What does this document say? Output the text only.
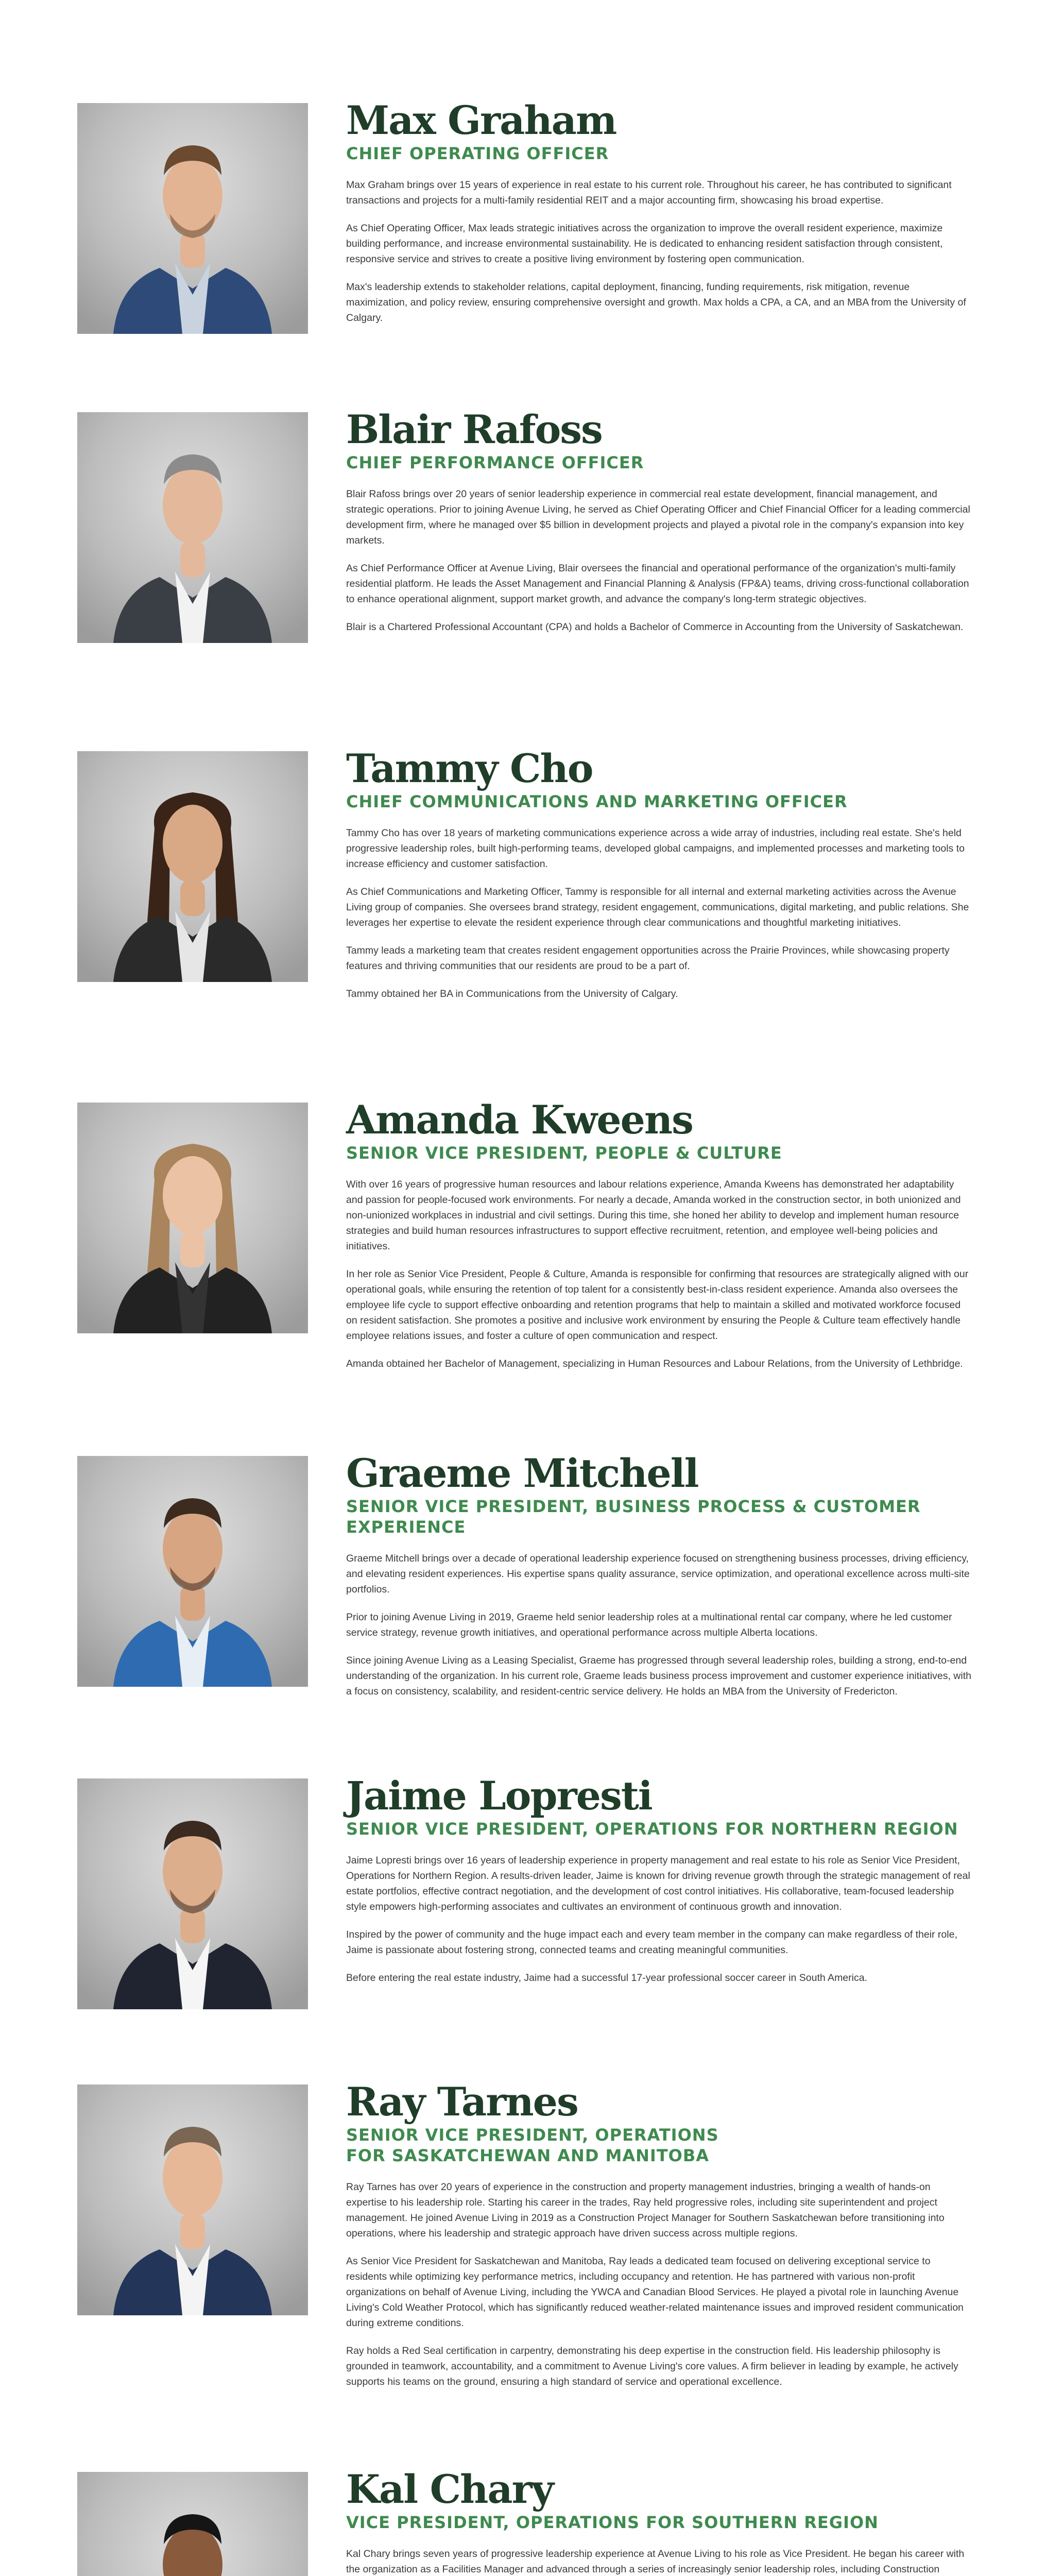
Max Graham
CHIEF OPERATING OFFICER

Max Graham brings over 15 years of experience in real estate to his current role. Throughout his career, he has contributed to significant transactions and projects for a multi-family residential REIT and a major accounting firm, showcasing his broad expertise.

As Chief Operating Officer, Max leads strategic initiatives across the organization to improve the overall resident experience, maximize building performance, and increase environmental sustainability. He is dedicated to enhancing resident satisfaction through consistent, responsive service and strives to create a positive living environment by fostering open communication.

Max's leadership extends to stakeholder relations, capital deployment, financing, funding requirements, risk mitigation, revenue maximization, and policy review, ensuring comprehensive oversight and growth. Max holds a CPA, a CA, and an MBA from the University of Calgary.

Blair Rafoss
CHIEF PERFORMANCE OFFICER

Blair Rafoss brings over 20 years of senior leadership experience in commercial real estate development, financial management, and strategic operations. Prior to joining Avenue Living, he served as Chief Operating Officer and Chief Financial Officer for a leading commercial development firm, where he managed over $5 billion in development projects and played a pivotal role in the company's expansion into key markets.

As Chief Performance Officer at Avenue Living, Blair oversees the financial and operational performance of the organization's multi-family residential platform. He leads the Asset Management and Financial Planning & Analysis (FP&A) teams, driving cross-functional collaboration to enhance operational alignment, support market growth, and advance the company's long-term strategic objectives.

Blair is a Chartered Professional Accountant (CPA) and holds a Bachelor of Commerce in Accounting from the University of Saskatchewan.

Tammy Cho
CHIEF COMMUNICATIONS AND MARKETING OFFICER

Tammy Cho has over 18 years of marketing communications experience across a wide array of industries, including real estate. She's held progressive leadership roles, built high-performing teams, developed global campaigns, and implemented processes and marketing tools to increase efficiency and customer satisfaction.

As Chief Communications and Marketing Officer, Tammy is responsible for all internal and external marketing activities across the Avenue Living group of companies. She oversees brand strategy, resident engagement, communications, digital marketing, and public relations. She leverages her expertise to elevate the resident experience through clear communications and thoughtful marketing initiatives.

Tammy leads a marketing team that creates resident engagement opportunities across the Prairie Provinces, while showcasing property features and thriving communities that our residents are proud to be a part of.

Tammy obtained her BA in Communications from the University of Calgary.

Amanda Kweens
SENIOR VICE PRESIDENT, PEOPLE & CULTURE

With over 16 years of progressive human resources and labour relations experience, Amanda Kweens has demonstrated her adaptability and passion for people-focused work environments. For nearly a decade, Amanda worked in the construction sector, in both unionized and non-unionized workplaces in industrial and civil settings. During this time, she honed her ability to develop and implement human resource strategies and build human resources infrastructures to support effective recruitment, retention, and employee well-being policies and initiatives.

In her role as Senior Vice President, People & Culture, Amanda is responsible for confirming that resources are strategically aligned with our operational goals, while ensuring the retention of top talent for a consistently best-in-class resident experience. Amanda also oversees the employee life cycle to support effective onboarding and retention programs that help to maintain a skilled and motivated workforce focused on resident satisfaction. She promotes a positive and inclusive work environment by ensuring the People & Culture team effectively handle employee relations issues, and foster a culture of open communication and respect.

Amanda obtained her Bachelor of Management, specializing in Human Resources and Labour Relations, from the University of Lethbridge.

Graeme Mitchell
SENIOR VICE PRESIDENT, BUSINESS PROCESS & CUSTOMER EXPERIENCE

Graeme Mitchell brings over a decade of operational leadership experience focused on strengthening business processes, driving efficiency, and elevating resident experiences. His expertise spans quality assurance, service optimization, and operational excellence across multi-site portfolios.

Prior to joining Avenue Living in 2019, Graeme held senior leadership roles at a multinational rental car company, where he led customer service strategy, revenue growth initiatives, and operational performance across multiple Alberta locations.

Since joining Avenue Living as a Leasing Specialist, Graeme has progressed through several leadership roles, building a strong, end-to-end understanding of the organization. In his current role, Graeme leads business process improvement and customer experience initiatives, with a focus on consistency, scalability, and resident-centric service delivery. He holds an MBA from the University of Fredericton.

Jaime Lopresti
SENIOR VICE PRESIDENT, OPERATIONS FOR NORTHERN REGION

Jaime Lopresti brings over 16 years of leadership experience in property management and real estate to his role as Senior Vice President, Operations for Northern Region. A results-driven leader, Jaime is known for driving revenue growth through the strategic management of real estate portfolios, effective contract negotiation, and the development of cost control initiatives. His collaborative, team-focused leadership style empowers high-performing associates and cultivates an environment of continuous growth and innovation.

Inspired by the power of community and the huge impact each and every team member in the company can make regardless of their role, Jaime is passionate about fostering strong, connected teams and creating meaningful communities.

Before entering the real estate industry, Jaime had a successful 17-year professional soccer career in South America.

Ray Tarnes
SENIOR VICE PRESIDENT, OPERATIONS
FOR SASKATCHEWAN AND MANITOBA

Ray Tarnes has over 20 years of experience in the construction and property management industries, bringing a wealth of hands-on expertise to his leadership role. Starting his career in the trades, Ray held progressive roles, including site superintendent and project management. He joined Avenue Living in 2019 as a Construction Project Manager for Southern Saskatchewan before transitioning into operations, where his leadership and strategic approach have driven success across multiple regions.

As Senior Vice President for Saskatchewan and Manitoba, Ray leads a dedicated team focused on delivering exceptional service to residents while optimizing key performance metrics, including occupancy and retention. He has partnered with various non-profit organizations on behalf of Avenue Living, including the YWCA and Canadian Blood Services. He played a pivotal role in launching Avenue Living's Cold Weather Protocol, which has significantly reduced weather-related maintenance issues and improved resident communication during extreme conditions.

Ray holds a Red Seal certification in carpentry, demonstrating his deep expertise in the construction field. His leadership philosophy is grounded in teamwork, accountability, and a commitment to Avenue Living's core values. A firm believer in leading by example, he actively supports his teams on the ground, ensuring a high standard of service and operational excellence.

Kal Chary
VICE PRESIDENT, OPERATIONS FOR SOUTHERN REGION

Kal Chary brings seven years of progressive leadership experience at Avenue Living to his role as Vice President. He began his career with the organization as a Facilities Manager and advanced through a series of increasingly senior leadership roles, including Construction
